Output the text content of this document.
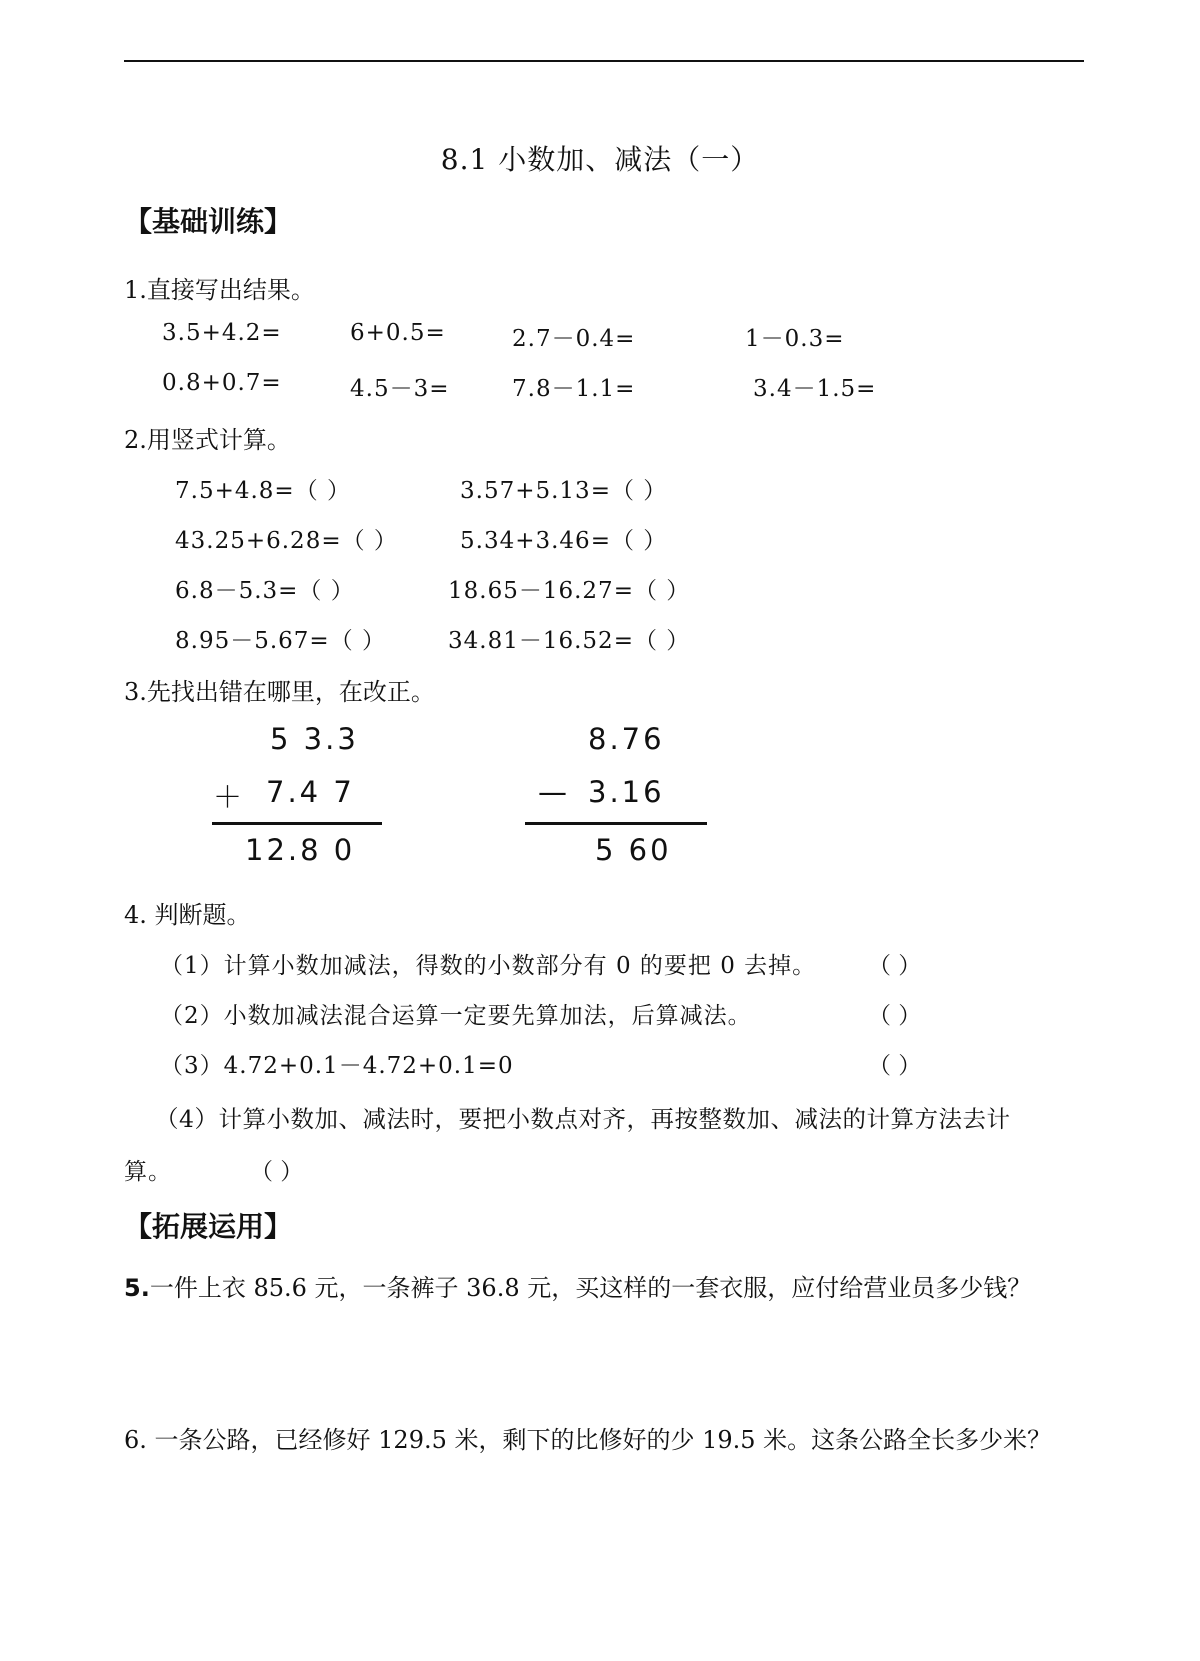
8.1 小数加、减法（一）
【基础训练】
1.直接写出结果。
3.5+4.2=	6+0.5=	2.7－0.4=	1－0.3=
0.8+0.7=	4.5－3=	7.8－1.1=	3.4－1.5=
2.用竖式计算。
7.5+4.8=（ ）	3.57+5.13=（ ）
43.25+6.28=（ ）	5.34+3.46=（ ）
6.8－5.3=（ ）	18.65－16.27=（ ）
8.95－5.67=（ ）	34.81－16.52=（ ）
3.先找出错在哪里，在改正。
5 3.3
＋ 7.4 7
12.8 0
8.76
— 3.16
5 60
4. 判断题。
（1）计算小数加减法，得数的小数部分有 0 的要把 0 去掉。 （ ）
（2）小数加减法混合运算一定要先算加法，后算减法。	（ ）
（3）4.72+0.1－4.72+0.1=0	（ ）
（4）计算小数加、减法时，要把小数点对齐，再按整数加、减法的计算方法去计
算。	（ ）
【拓展运用】
5.一件上衣 85.6 元，一条裤子 36.8 元，买这样的一套衣服，应付给营业员多少钱？
6. 一条公路，已经修好 129.5 米，剩下的比修好的少 19.5 米。这条公路全长多少米？
